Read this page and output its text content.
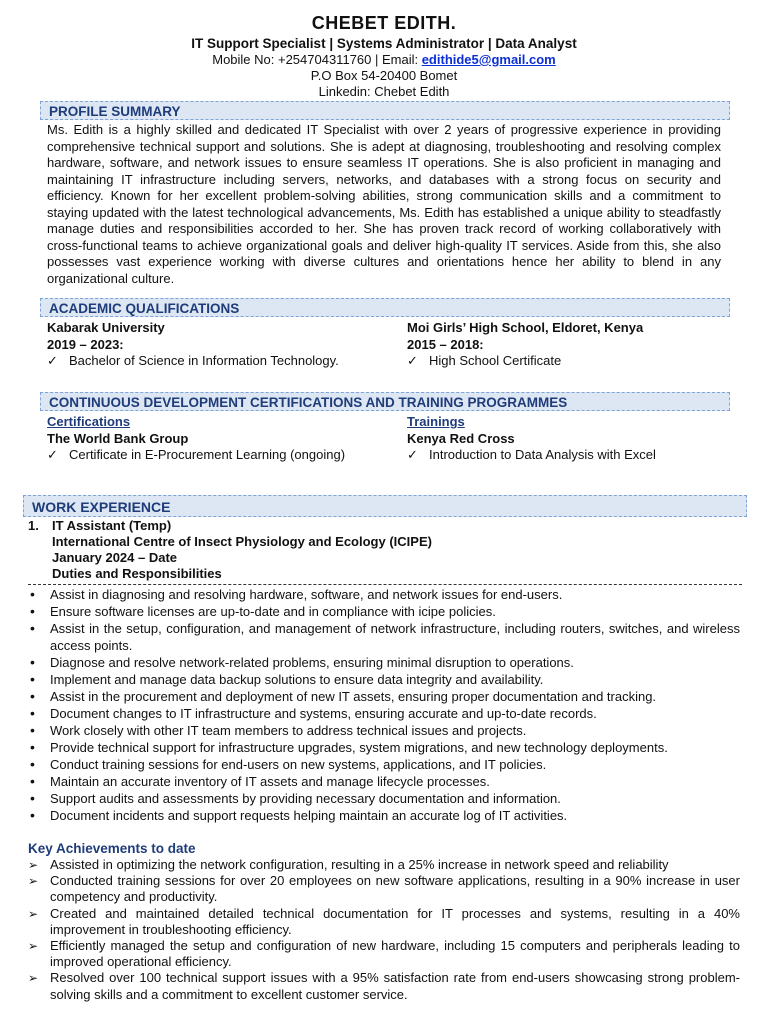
CHEBET EDITH.
IT Support Specialist | Systems Administrator | Data Analyst
Mobile No: +254704311760 | Email: edithide5@gmail.com
P.O Box 54-20400 Bomet
Linkedin: Chebet Edith
PROFILE SUMMARY
Ms. Edith is a highly skilled and dedicated IT Specialist with over 2 years of progressive experience in providing comprehensive technical support and solutions. She is adept at diagnosing, troubleshooting and resolving complex hardware, software, and network issues to ensure seamless IT operations. She is also proficient in managing and maintaining IT infrastructure including servers, networks, and databases with a strong focus on security and efficiency. Known for her excellent problem-solving abilities, strong communication skills and a commitment to staying updated with the latest technological advancements, Ms. Edith has established a unique ability to steadfastly manage duties and responsibilities accorded to her. She has proven track record of working collaboratively with cross-functional teams to achieve organizational goals and deliver high-quality IT services. Aside from this, she also possesses vast experience working with diverse cultures and orientations hence her ability to blend in any organizational culture.
ACADEMIC QUALIFICATIONS
Kabarak University
2019 – 2023:
✓ Bachelor of Science in Information Technology.
Moi Girls’ High School, Eldoret, Kenya
2015 – 2018:
✓ High School Certificate
CONTINUOUS DEVELOPMENT CERTIFICATIONS AND TRAINING PROGRAMMES
Certifications
The World Bank Group
✓ Certificate in E-Procurement Learning (ongoing)
Trainings
Kenya Red Cross
✓ Introduction to Data Analysis with Excel
WORK EXPERIENCE
1. IT Assistant (Temp)
International Centre of Insect Physiology and Ecology (ICIPE)
January 2024 – Date
Duties and Responsibilities
• Assist in diagnosing and resolving hardware, software, and network issues for end-users.
• Ensure software licenses are up-to-date and in compliance with icipe policies.
• Assist in the setup, configuration, and management of network infrastructure, including routers, switches, and wireless access points.
• Diagnose and resolve network-related problems, ensuring minimal disruption to operations.
• Implement and manage data backup solutions to ensure data integrity and availability.
• Assist in the procurement and deployment of new IT assets, ensuring proper documentation and tracking.
• Document changes to IT infrastructure and systems, ensuring accurate and up-to-date records.
• Work closely with other IT team members to address technical issues and projects.
• Provide technical support for infrastructure upgrades, system migrations, and new technology deployments.
• Conduct training sessions for end-users on new systems, applications, and IT policies.
• Maintain an accurate inventory of IT assets and manage lifecycle processes.
• Support audits and assessments by providing necessary documentation and information.
• Document incidents and support requests helping maintain an accurate log of IT activities.
Key Achievements to date
➢ Assisted in optimizing the network configuration, resulting in a 25% increase in network speed and reliability
➢ Conducted training sessions for over 20 employees on new software applications, resulting in a 90% increase in user competency and productivity.
➢ Created and maintained detailed technical documentation for IT processes and systems, resulting in a 40% improvement in troubleshooting efficiency.
➢ Efficiently managed the setup and configuration of new hardware, including 15 computers and peripherals leading to improved operational efficiency.
➢ Resolved over 100 technical support issues with a 95% satisfaction rate from end-users showcasing strong problem-solving skills and a commitment to excellent customer service.
